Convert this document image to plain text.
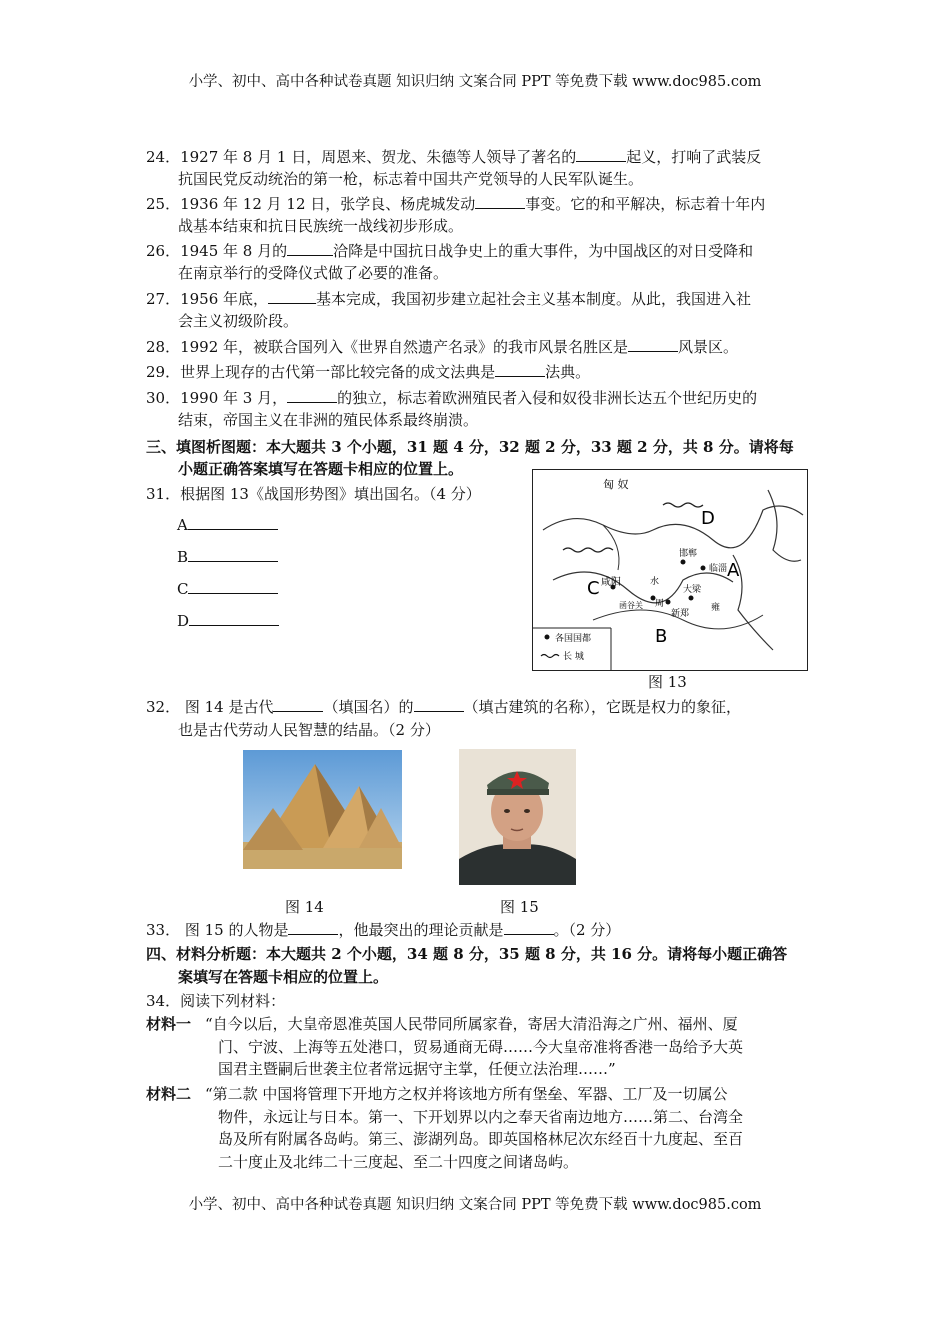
小学、初中、高中各种试卷真题 知识归纳 文案合同 PPT 等免费下载 www.doc985.com
24．1927 年 8 月 1 日，周恩来、贺龙、朱德等人领导了著名的	起义，打响了武装反
抗国民党反动统治的第一枪，标志着中国共产党领导的人民军队诞生。
25．1936 年 12 月 12 日，张学良、杨虎城发动	事变。它的和平解决，标志着十年内
战基本结束和抗日民族统一战线初步形成。
26．1945 年 8 月的	洽降是中国抗日战争史上的重大事件，为中国战区的对日受降和
在南京举行的受降仪式做了必要的准备。
27．1956 年底，	基本完成，我国初步建立起社会主义基本制度。从此，我国进入社
会主义初级阶段。
28．1992 年，被联合国列入《世界自然遗产名录》的我市风景名胜区是	风景区。
29．世界上现存的古代第一部比较完备的成文法典是	法典。
30．1990 年 3 月，	的独立，标志着欧洲殖民者入侵和奴役非洲长达五个世纪历史的
结束，帝国主义在非洲的殖民体系最终崩溃。
三、填图析图题：本大题共 3 个小题，31 题 4 分，32 题 2 分，33 题 2 分，共 8 分。请将每
小题正确答案填写在答题卡相应的位置上。
31．根据图 13《战国形势图》填出国名。（4 分）
A
B
C
D
匈 奴
D
A
B
C
邯郸
咸阳
函谷关 周
新郑
大梁
临淄
水
雍
各国国都
长 城
图 13
32． 图 14 是古代	（填国名）的	（填古建筑的名称），它既是权力的象征，
也是古代劳动人民智慧的结晶。（2 分）
图 14	图 15
33． 图 15 的人物是	，他最突出的理论贡献是	。（2 分）
四、材料分析题：本大题共 2 个小题，34 题 8 分，35 题 8 分，共 16 分。请将每小题正确答
案填写在答题卡相应的位置上。
34．阅读下列材料：
材料一 “自今以后，大皇帝恩准英国人民带同所属家眷，寄居大清沿海之广州、福州、厦
门、宁波、上海等五处港口，贸易通商无碍……今大皇帝准将香港一岛给予大英
国君主暨嗣后世袭主位者常远据守主掌，任便立法治理……”
材料二 “第二款 中国将管理下开地方之权并将该地方所有堡垒、军器、工厂及一切属公
物件，永远让与日本。第一、下开划界以内之奉天省南边地方……第二、台湾全
岛及所有附属各岛屿。第三、澎湖列岛。即英国格林尼次东经百十九度起、至百
二十度止及北纬二十三度起、至二十四度之间诸岛屿。
小学、初中、高中各种试卷真题 知识归纳 文案合同 PPT 等免费下载 www.doc985.com
